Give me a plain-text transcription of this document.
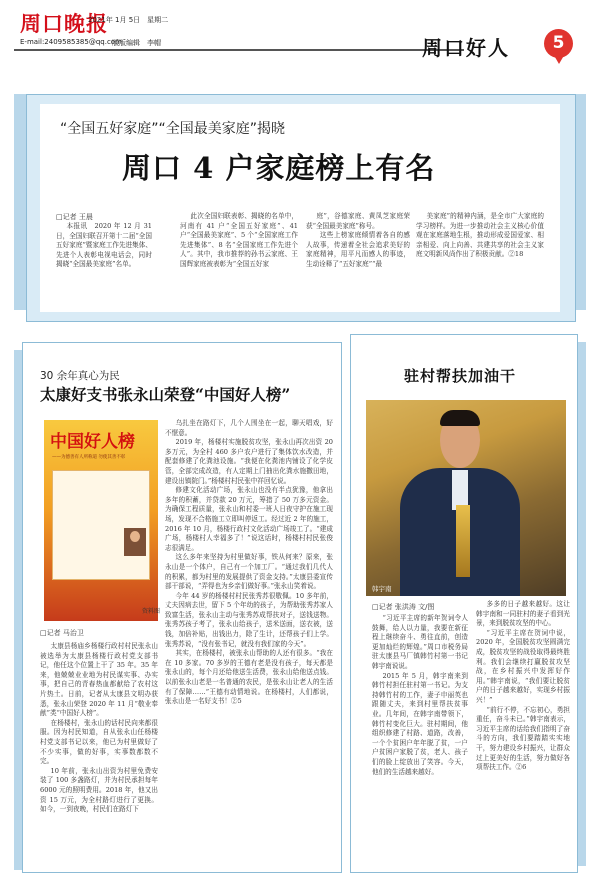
周口晚报
2021年 1月 5日　星期二
E-mail:2409585385@qq.com
版版编辑　李帽	周口好人	5
“全国五好家庭”“全国最美家庭”揭晓
周口 4 户家庭榜上有名
□记者 王晨
本报讯　2020 年 12 月 31 日，全国妇联召开第十二届“全国五好家庭”暨家庭工作先进集体、先进个人表彰电视电话会，同时揭晓“全国最美家庭”名单。
此次全国妇联表彰、揭晓的名单中，河南有 41 户“全国五好家庭”、41 户“全国最美家庭”、5 个“全国家庭工作先进集体”、8 名“全国家庭工作先进个人”。其中，我市推荐的孙书云家庭、王国辉家庭被表彰为“全国五好家
庭”，谷德家庭、黄凤芝家庭荣获“全国最美家庭”称号。
　　这些上榜家庭倾情着各自的感人故事，传递着全社会追求美好的家庭精神，用平凡而感人的事迹，生动诠释了“五好家庭”“最
美家庭”的精神内涵，是全市广大家庭的学习榜样。为进一步推动社会主义核心价值观在家庭落地生根，推动形成爱国爱家、相亲相爱、向上向善、共建共享的社会主义家庭文明新风尚作出了积极贡献。②18
30 余年真心为民
太康好支书张永山荣登“中国好人榜”
中国好人榜
——为德善有人所称道 勿使其善不彰
资料图
□记者 马治卫

太康县杨庙乡杨楼行政村村民张永山被选举为太康县杨楼行政村党支部书记，他任这个位置上干了 35 年。35 年来，他兢兢业业地为村民谋实事、办实事，把自己的青春热血都献给了农村这片热土。日前，记者从太康县文明办获悉，张永山荣登 2020 年 11 月“敬业奉献”类“中国好人榜”。

在杨楼村，张永山的话村民向来都很服。因为村民知道，自从张永山任杨楼村党支部书记以来，他已为村里做好了不少实事，做的好事，实事数都数不完。

10 年前，张永山出资为村里免费安装了 100 多盏路灯，并为村民承担每年 6000 元的照明费用。2018 年，他又出资 15 万元，为全村路灯进行了更换。如今，一到夜晚，村民们在路灯下

乌扎坐在路灯下，几个人围坐在一起，聊天唱戏，好不惬意。

2019 年，杨楼村实施脱贫攻坚，张永山再次出资 20 多万元，为全村 460 多户农户进行了集体饮水改造，并配套修建了化粪池设施。“我便在化粪池内铺设了化学皮管，全部完成改造，有人定期上门抽出化粪水施撒田地，建设出镇院门。”杨楼村村民张中祥回忆说。

修建文化活动广场，张永山也没有半点犹豫，他拿出多年的积蓄，并贷款 20 万元，筹措了 50 万多元资金。为确保工程质量，张永山和村委一班人日夜守护在施工现场，发现不合格施工立即叫停返工。经过近 2 年的施工，2016 年 10 月，杨楼行政村文化活动广场竣工了。“建成广场，杨楼村人幸福多了！”说这话时，杨楼村村民张俊志很满足。

这么多年来坚持为村里做好事，铁从何来？原来，张永山是一个体户，自己有一个加工厂。“通过我们几代人的积累，都为村里的发展提供了资金支持。”太康县委宣传部干部说，“弄得也为乡亲们做好事。”张永山笑着说。

今年 44 岁的杨楼村村民张秀苏很敬佩。10 多年前，丈夫因病去世，留下 5 个年幼的孩子，为帮助张秀苏家人致富生活，张永山主动与张秀苏成帮扶对子，送钱送物。张秀苏孩子考了，张永山给孩子，送米送面，送衣被，送钱，加倍补贴，出钱出力，除了生计，还帮孩子们上学。张秀苏说，“没有张书记，就没有我们家的今天”。

其实，在杨楼村，被张永山帮助的人还有很多。“我在在 10 多家。70 多岁的王德有老是没有孩子，每天都是张永山的，每个月还给他送生活费，张永山给他送点钱。以前张永山老是一名普通的农民，是张永山让老人的生活有了保障……”王德有动情地说。在杨楼村，人们都说，张永山是一名好支书！②5

驻村帮扶加油干
韩宇南
□记者 张洪涛 文/图

“习近平主席的新年贺词令人鼓舞，给人以力量，我要在新征程上继续奋斗、勇往直前，创造更加灿烂的辉煌。”周口市税务局驻太康县马厂镇韩竹村第一书记韩宇南说说。

2015 年 5 月，韩宇南来到韩竹村担任驻村第一书记。为支持韩竹村的工作，妻子申丽英也跟随丈夫，来到村里帮扶贫事业。几年间，在韩宇南带领下，韩竹村变化巨大。驻村期间，他组织修建了村路、道路，改善，一个个贫困户年年脱了贫，一户户贫困户家脱了贫，老人、孩子们的脸上绽放出了笑容。今天，他们的生活越来越好。

多多的日子越来越好。这让韩宇南和一同驻村的妻子看到光景，来到脱贫攻坚的中心。

“习近平主席在贺词中说，2020 年，全国脱贫攻坚圆满完成，脱贫攻坚的战役取得最终胜利。我们会继续打赢脱贫攻坚战，在乡村振兴中发挥好作用。”韩宇南说，“我们要让脱贫户的日子越来越好，实现乡村振兴！”

“前行不停，不忘初心，勇担重任，奋斗未已。”韩宇南表示，习近平主席的话给我们指明了奋斗的方向，我们要踏踏实实地干，努力建设乡村振兴，让群众过上更美好的生活，努力做好各项帮扶工作。②6
